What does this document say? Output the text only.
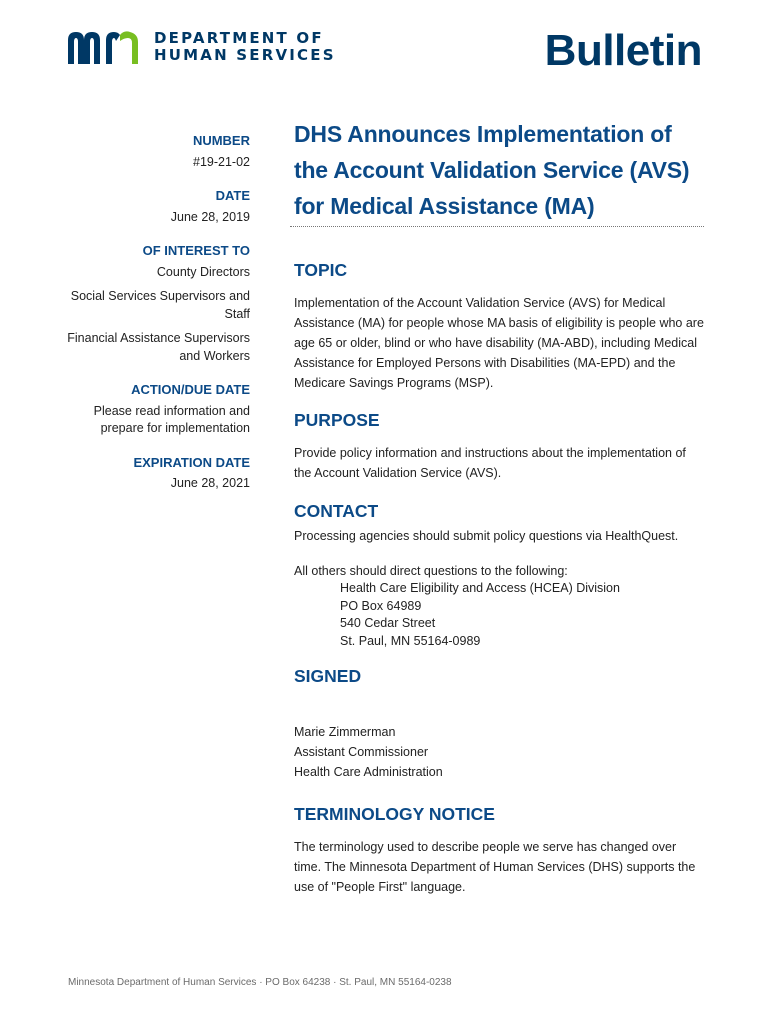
DEPARTMENT OF
HUMAN SERVICES	Bulletin
NUMBER
#19-21-02
DATE
June 28, 2019
OF INTEREST TO
County Directors
Social Services Supervisors and Staff
Financial Assistance Supervisors and Workers
ACTION/DUE DATE
Please read information and prepare for implementation
EXPIRATION DATE
June 28, 2021
DHS Announces Implementation of the Account Validation Service (AVS) for Medical Assistance (MA)
TOPIC
Implementation of the Account Validation Service (AVS) for Medical Assistance (MA) for people whose MA basis of eligibility is people who are age 65 or older, blind or who have disability (MA-ABD), including Medical Assistance for Employed Persons with Disabilities (MA-EPD) and the Medicare Savings Programs (MSP).
PURPOSE
Provide policy information and instructions about the implementation of the Account Validation Service (AVS).
CONTACT
Processing agencies should submit policy questions via HealthQuest.
All others should direct questions to the following:
Health Care Eligibility and Access (HCEA) Division
PO Box 64989
540 Cedar Street
St. Paul, MN 55164-0989
SIGNED
Marie Zimmerman
Assistant Commissioner
Health Care Administration
TERMINOLOGY NOTICE
The terminology used to describe people we serve has changed over time. The Minnesota Department of Human Services (DHS) supports the use of "People First" language.
Minnesota Department of Human Services · PO Box 64238 · St. Paul, MN 55164-0238
